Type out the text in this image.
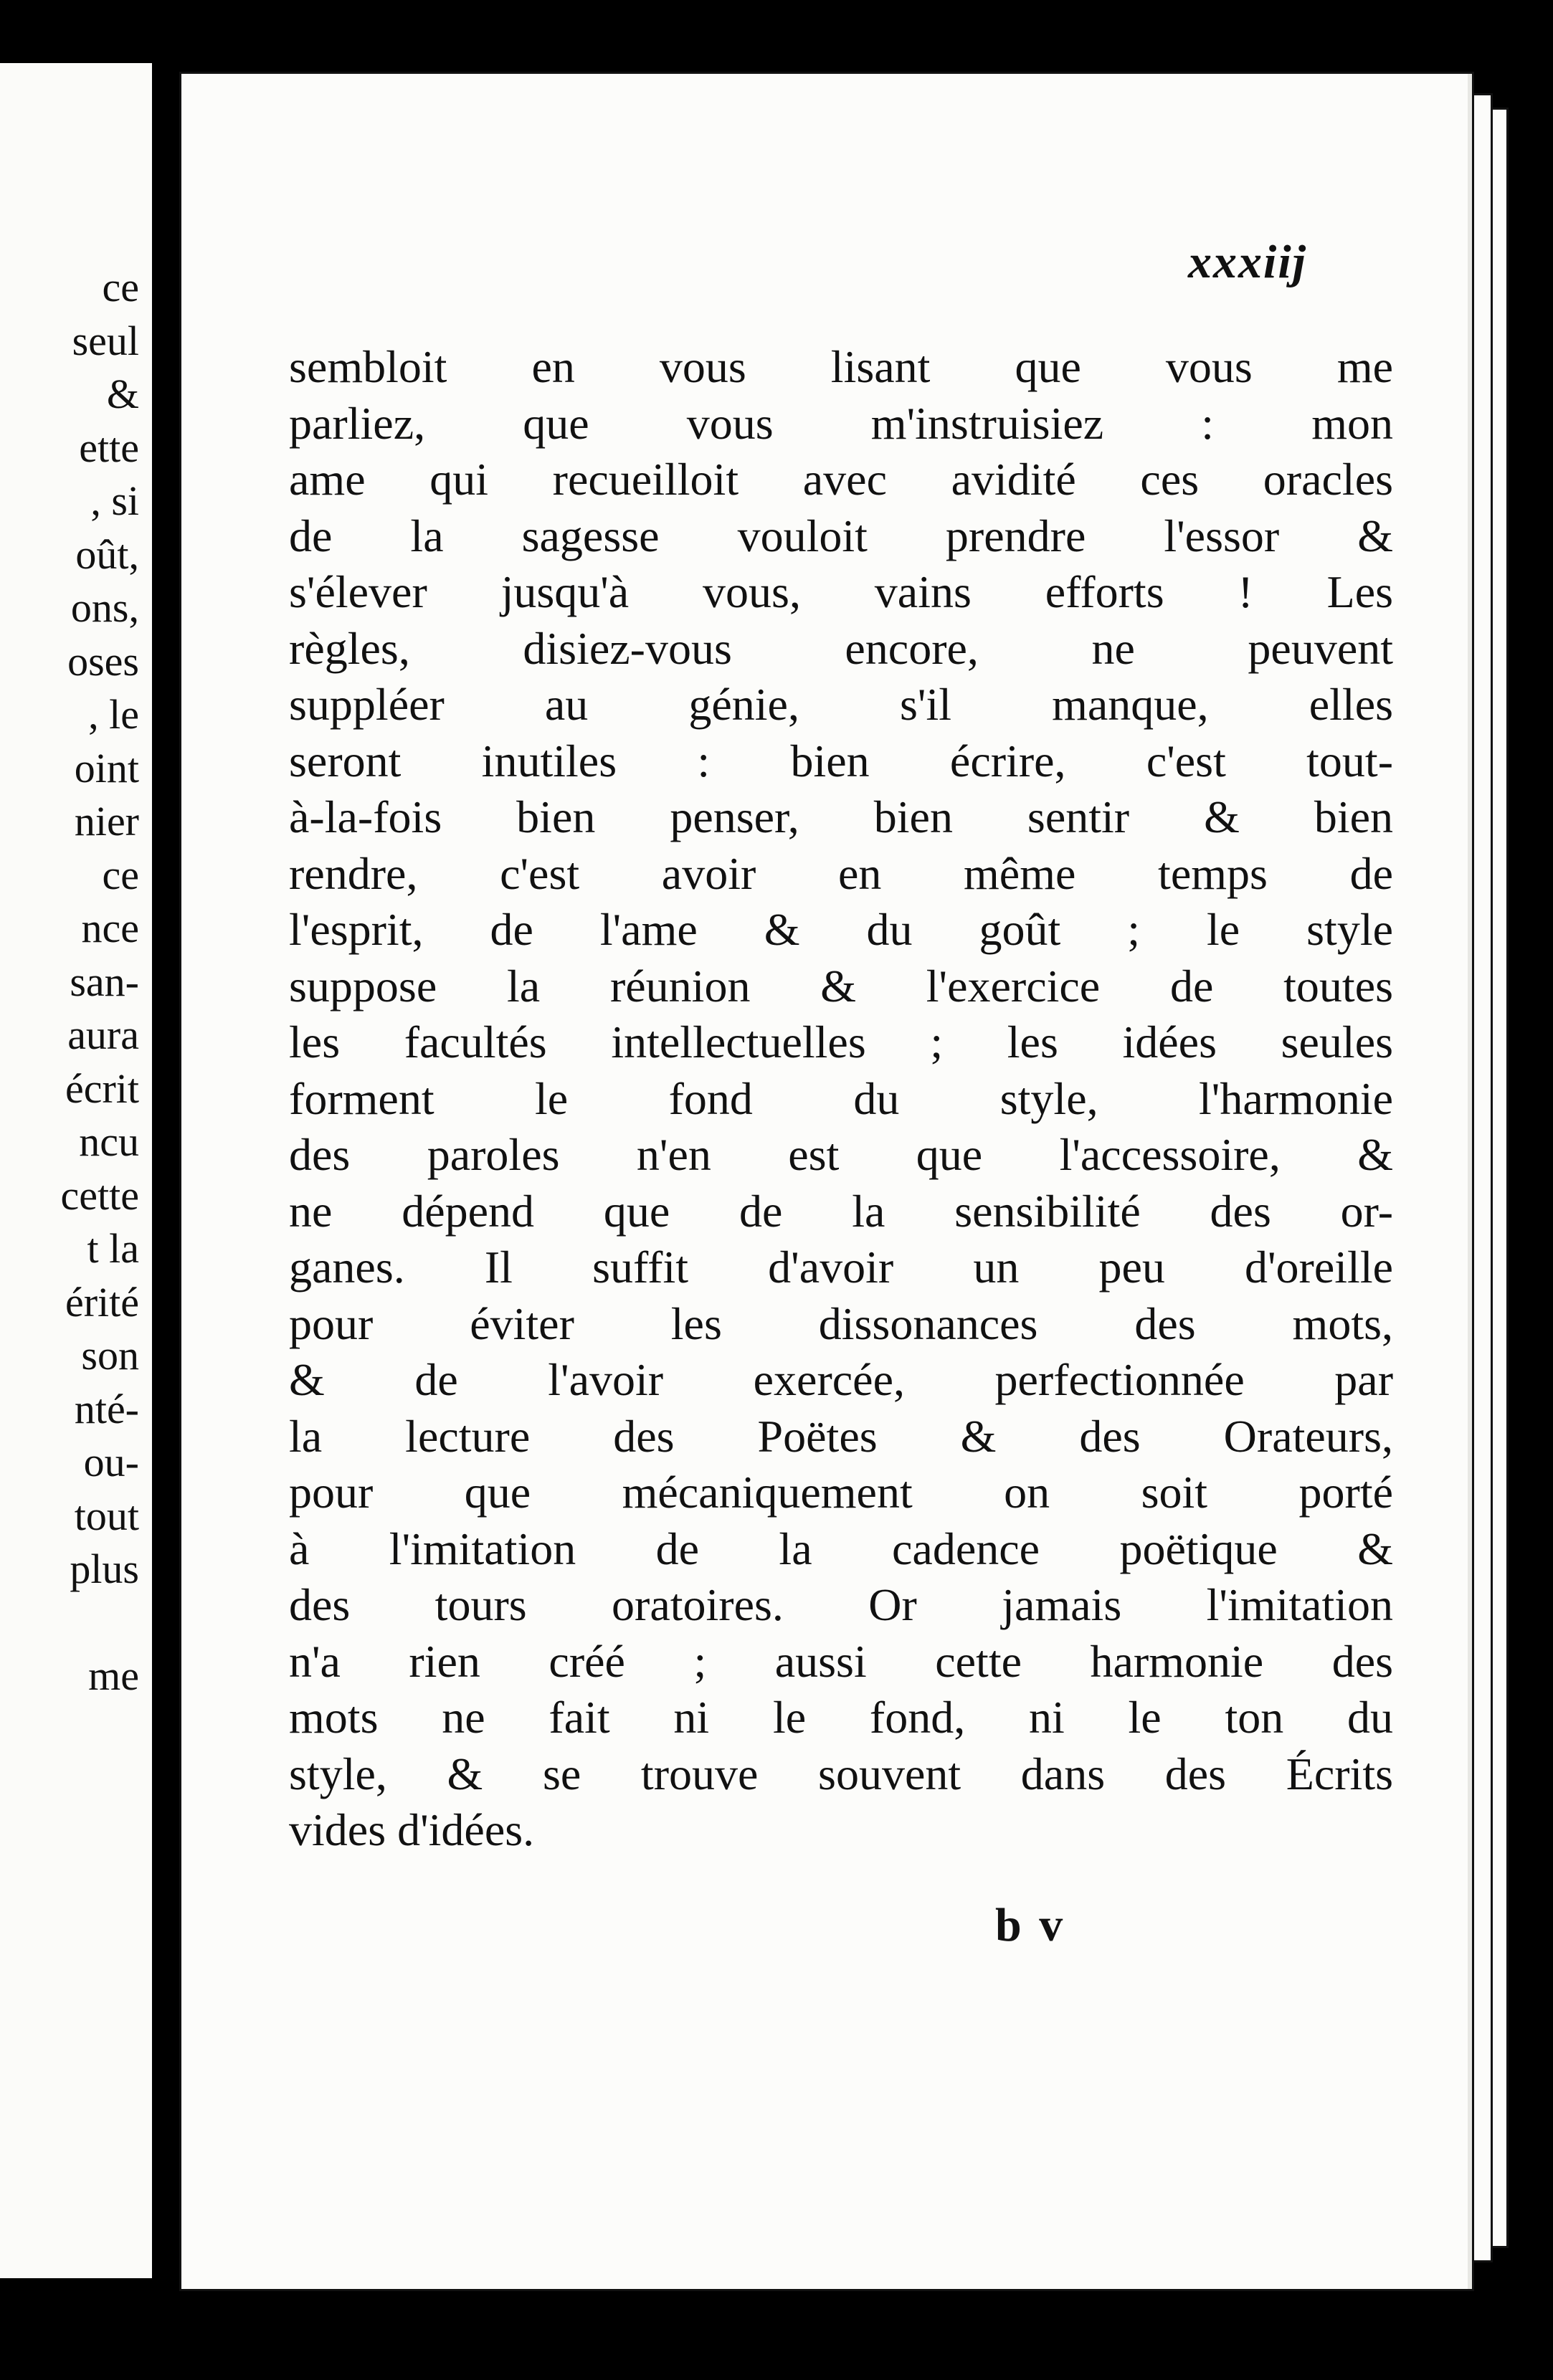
ce
seul
&
ette
, si
oût,
ons,
oses
, le
oint
nier
ce
nce
san-
aura
écrit
ncu
cette
t la
érité
son
nté-
ou-
tout
plus
me
xxxiij
sembloit en vous lisant que vous me
parliez, que vous m'instruisiez : mon
ame qui recueilloit avec avidité ces oracles
de la sagesse vouloit prendre l'essor &
s'élever jusqu'à vous, vains efforts ! Les
règles, disiez-vous encore, ne peuvent
suppléer au génie, s'il manque, elles
seront inutiles : bien écrire, c'est tout-
à-la-fois bien penser, bien sentir & bien
rendre, c'est avoir en même temps de
l'esprit, de l'ame & du goût ; le style
suppose la réunion & l'exercice de toutes
les facultés intellectuelles ; les idées seules
forment le fond du style, l'harmonie
des paroles n'en est que l'accessoire, &
ne dépend que de la sensibilité des or-
ganes. Il suffit d'avoir un peu d'oreille
pour éviter les dissonances des mots,
& de l'avoir exercée, perfectionnée par
la lecture des Poëtes & des Orateurs,
pour que mécaniquement on soit porté
à l'imitation de la cadence poëtique &
des tours oratoires. Or jamais l'imitation
n'a rien créé ; aussi cette harmonie des
mots ne fait ni le fond, ni le ton du
style, & se trouve souvent dans des Écrits
vides d'idées.
b v
